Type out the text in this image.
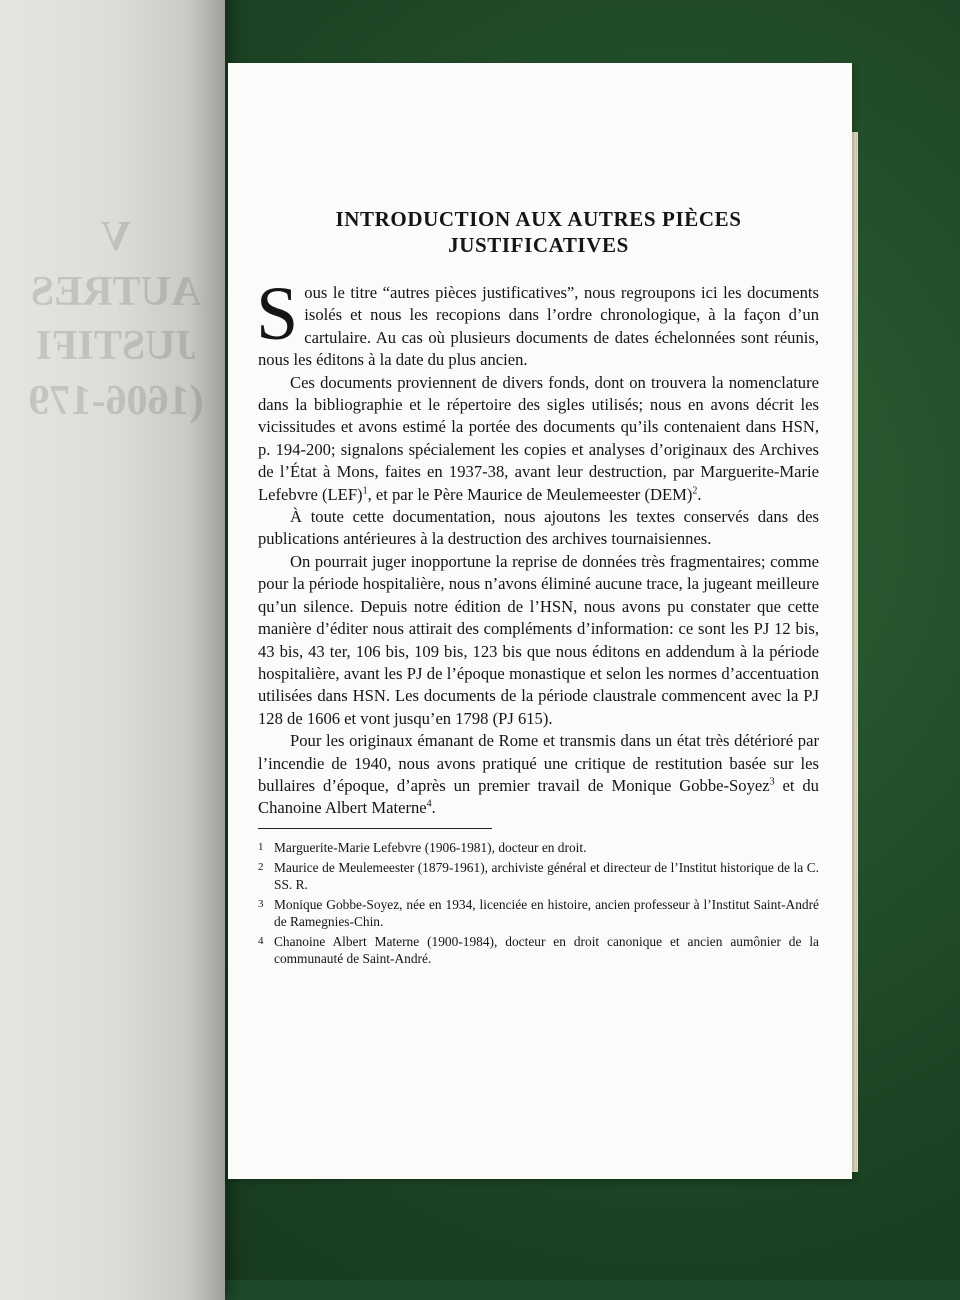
V
AUTRES
JUSTIFI
(1606-179
INTRODUCTION AUX AUTRES PIÈCES
JUSTIFICATIVES

Sous le titre “autres pièces justificatives”, nous regroupons ici les documents isolés et nous les recopions dans l’ordre chronologique, à la façon d’un cartulaire. Au cas où plusieurs documents de dates échelonnées sont réunis, nous les éditons à la date du plus ancien.

Ces documents proviennent de divers fonds, dont on trouvera la nomenclature dans la bibliographie et le répertoire des sigles utilisés; nous en avons décrit les vicissitudes et avons estimé la portée des documents qu’ils contenaient dans HSN, p. 194-200; signalons spécialement les copies et analyses d’originaux des Archives de l’État à Mons, faites en 1937-38, avant leur destruction, par Marguerite-Marie Lefebvre (LEF)$^1$, et par le Père Maurice de Meulemeester (DEM)$^2$.

À toute cette documentation, nous ajoutons les textes conservés dans des publications antérieures à la destruction des archives tournaisiennes.

On pourrait juger inopportune la reprise de données très fragmentaires; comme pour la période hospitalière, nous n’avons éliminé aucune trace, la jugeant meilleure qu’un silence. Depuis notre édition de l’HSN, nous avons pu constater que cette manière d’éditer nous attirait des compléments d’information: ce sont les PJ 12 bis, 43 bis, 43 ter, 106 bis, 109 bis, 123 bis que nous éditons en addendum à la période hospitalière, avant les PJ de l’époque monastique et selon les normes d’accentuation utilisées dans HSN. Les documents de la période claustrale commencent avec la PJ 128 de 1606 et vont jusqu’en 1798 (PJ 615).

Pour les originaux émanant de Rome et transmis dans un état très détérioré par l’incendie de 1940, nous avons pratiqué une critique de restitution basée sur les bullaires d’époque, d’après un premier travail de Monique Gobbe-Soyez$^3$ et du Chanoine Albert Materne$^4$.

1 Marguerite-Marie Lefebvre (1906-1981), docteur en droit.
2 Maurice de Meulemeester (1879-1961), archiviste général et directeur de l’Institut historique de la C. SS. R.
3 Monique Gobbe-Soyez, née en 1934, licenciée en histoire, ancien professeur à l’Institut Saint-André de Ramegnies-Chin.
4 Chanoine Albert Materne (1900-1984), docteur en droit canonique et ancien aumônier de la communauté de Saint-André.
